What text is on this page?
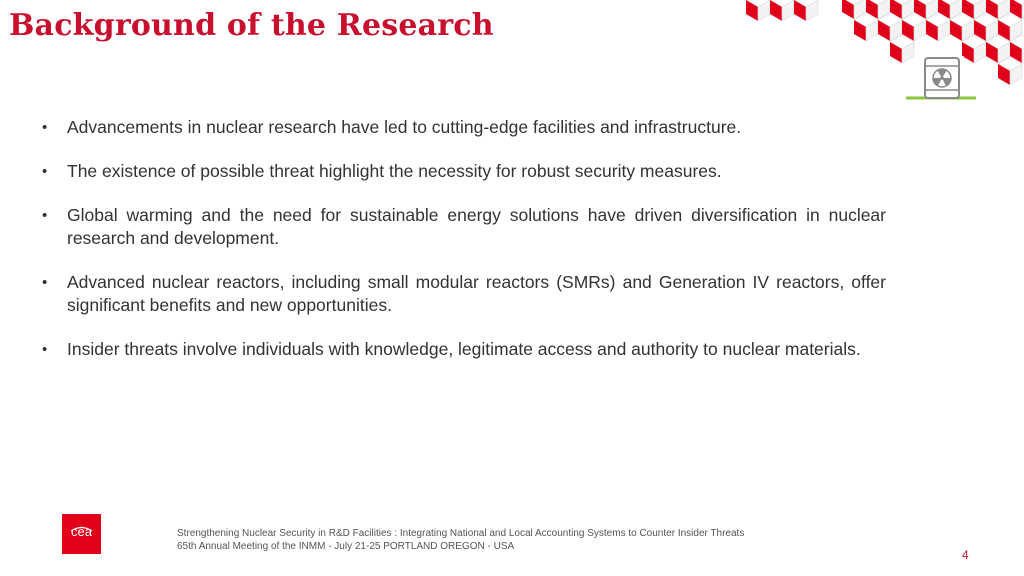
Background of the Research
• Advancements in nuclear research have led to cutting-edge facilities and infrastructure.
• The existence of possible threat highlight the necessity for robust security measures.
• Global warming and the need for sustainable energy solutions have driven diversification in nuclear research and development.
• Advanced nuclear reactors, including small modular reactors (SMRs) and Generation IV reactors, offer significant benefits and new opportunities.
• Insider threats involve individuals with knowledge, legitimate access and authority to nuclear materials.
cea	Strengthening Nuclear Security in R&D Facilities : Integrating National and Local Accounting Systems to Counter Insider Threats
65th Annual Meeting of the INMM - July 21-25 PORTLAND OREGON - USA
4
